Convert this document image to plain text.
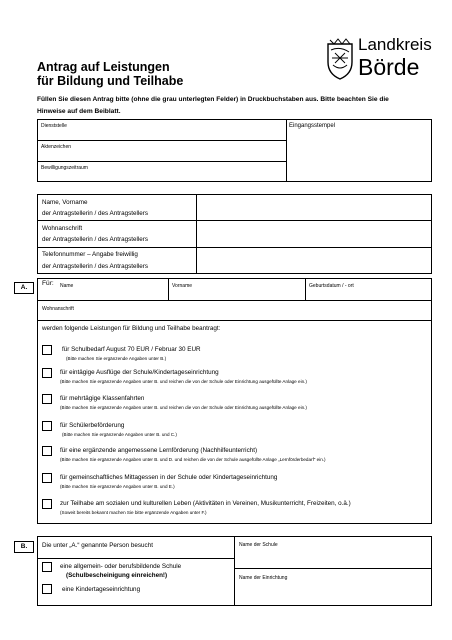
Antrag auf Leistungen
für Bildung und Teilhabe
Landkreis
Börde
Füllen Sie diesen Antrag bitte (ohne die grau unterlegten Felder) in Druckbuchstaben aus. Bitte beachten Sie die
Hinweise auf dem Beiblatt.
Dienststelle
Aktenzeichen
Bewilligungszeitraum
Eingangsstempel
Name, Vorname
der Antragstellerin / des Antragstellers
Wohnanschrift
der Antragstellerin / des Antragstellers
Telefonnummer – Angabe freiwillig
der Antragstellerin / des Antragstellers
A.
Für: Name	Vorname	Geburtsdatum / - ort
Wohnanschrift
werden folgende Leistungen für Bildung und Teilhabe beantragt:
für Schulbedarf August 70 EUR / Februar 30 EUR
(Bitte machen Sie ergänzende Angaben unter B.)
für eintägige Ausflüge der Schule/Kindertageseinrichtung
(Bitte machen Sie ergänzende Angaben unter B. und reichen die von der Schule oder Einrichtung ausgefüllte Anlage ein.)
für mehrtägige Klassenfahrten
(Bitte machen Sie ergänzende Angaben unter B. und reichen die von der Schule oder Einrichtung ausgefüllte Anlage ein.)
für Schülerbeförderung
(Bitte machen Sie ergänzende Angaben unter B. und C.)
für eine ergänzende angemessene Lernförderung (Nachhilfeunterricht)
(Bitte machen Sie ergänzende Angaben unter B. und D. und reichen die von der Schule ausgefüllte Anlage „Lernförderbedarf“ ein.)
für gemeinschaftliches Mittagessen in der Schule oder Kindertageseinrichtung
(Bitte machen Sie ergänzende Angaben unter B. und E.)
zur Teilhabe am sozialen und kulturellen Leben (Aktivitäten in Vereinen, Musikunterricht, Freizeiten, o.ä.)
(Soweit bereits bekannt machen Sie bitte ergänzende Angaben unter F.)
B.	Die unter „A.“ genannte Person besucht	Name der Schule
Name der Einrichtung
eine allgemein- oder berufsbildende Schule
(Schulbescheinigung einreichen!)
eine Kindertageseinrichtung
